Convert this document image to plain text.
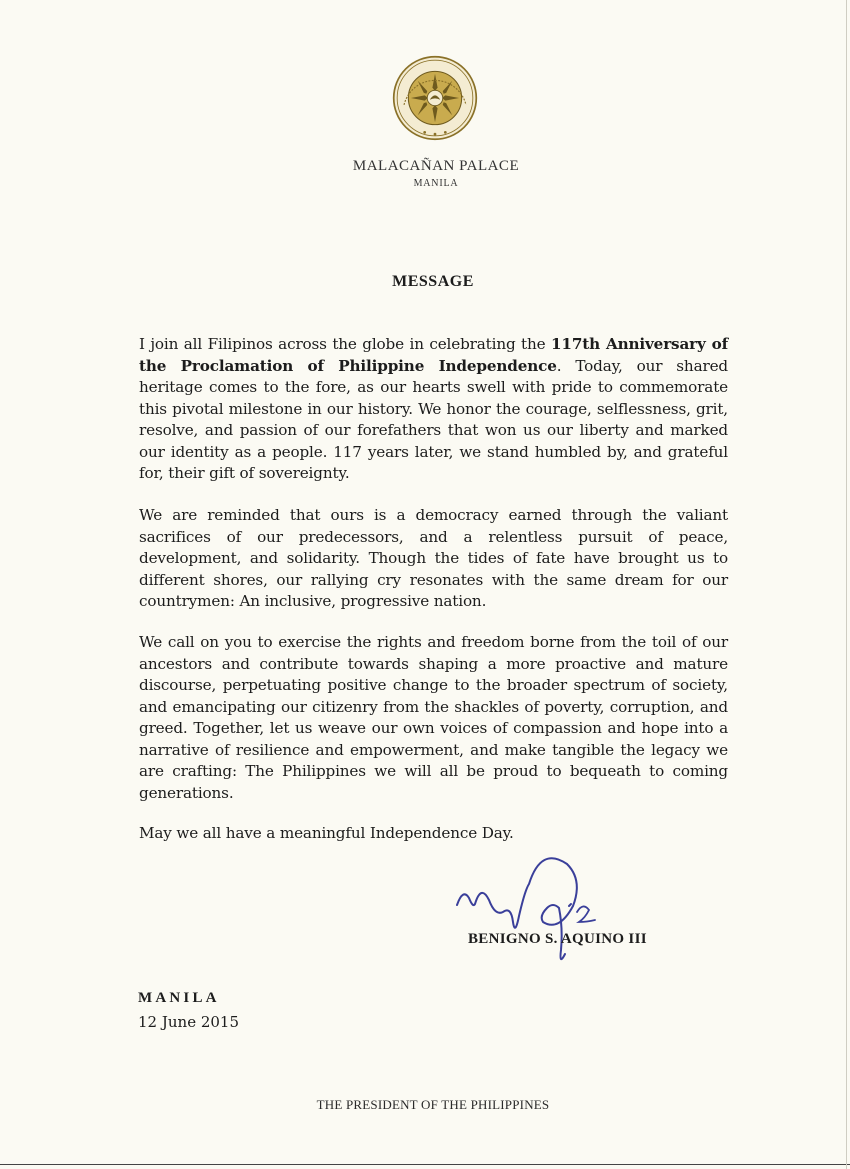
MALACAÑAN PALACE
MANILA
MESSAGE
I join all Filipinos across the globe in celebrating the 117th Anniversary of the Proclamation of Philippine Independence. Today, our shared heritage comes to the fore, as our hearts swell with pride to commemorate this pivotal milestone in our history. We honor the courage, selflessness, grit, resolve, and passion of our forefathers that won us our liberty and marked our identity as a people. 117 years later, we stand humbled by, and grateful for, their gift of sovereignty.
We are reminded that ours is a democracy earned through the valiant sacrifices of our predecessors, and a relentless pursuit of peace, development, and solidarity. Though the tides of fate have brought us to different shores, our rallying cry resonates with the same dream for our countrymen: An inclusive, progressive nation.
We call on you to exercise the rights and freedom borne from the toil of our ancestors and contribute towards shaping a more proactive and mature discourse, perpetuating positive change to the broader spectrum of society, and emancipating our citizenry from the shackles of poverty, corruption, and greed. Together, let us weave our own voices of compassion and hope into a narrative of resilience and empowerment, and make tangible the legacy we are crafting: The Philippines we will all be proud to bequeath to coming generations.
May we all have a meaningful Independence Day.
BENIGNO S. AQUINO III
MANILA
12 June 2015
THE PRESIDENT OF THE PHILIPPINES
